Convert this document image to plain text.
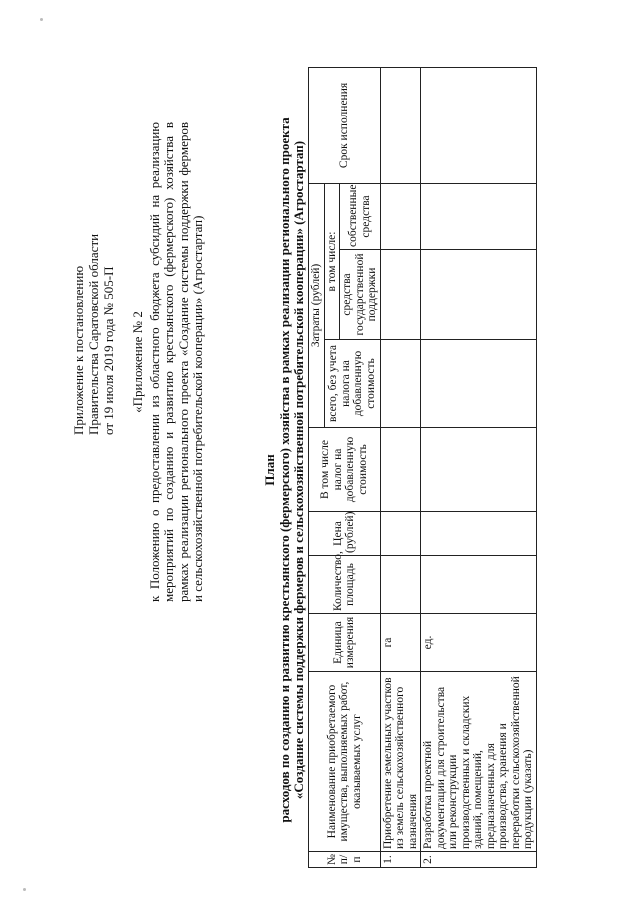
Приложение к постановлению Правительства Саратовской области от 19 июля 2019 года № 505-П «Приложение № 2 к Положению о предоставлении из областного бюджета субсидий на реализацию мероприятий по созданию и развитию крестьянского (фермерского) хозяйства в рамках реализации регионального проекта «Создание системы поддержки фермеров и сельскохозяйственной потребительской кооперации» (Агростартап)	План расходов по созданию и развитию крестьянского (фермерского) хозяйства в рамках реализации регионального проекта «Создание системы поддержки фермеров и сельскохозяйственной потребительской кооперации» (Агростартап)
№ п/п	Наименование приобретаемого имущества, выполняемых работ, оказываемых услуг	Единица измерения	Количество, площадь	Цена (рублей)	В том числе налог на добавленную стоимость	Затраты (рублей)			Срок исполнения
						всего, без учета налога на добавленную стоимость	в том числе:		
							средства государственной поддержки	собственные средства	
1.	Приобретение земельных участков из земель сельскохозяйственного назначения	га							
2.	Разработка проектной документации для строительства или реконструкции производственных и складских зданий, помещений, предназначенных для производства, хранения и переработки сельскохозяйственной продукции (указать)	ед.							
